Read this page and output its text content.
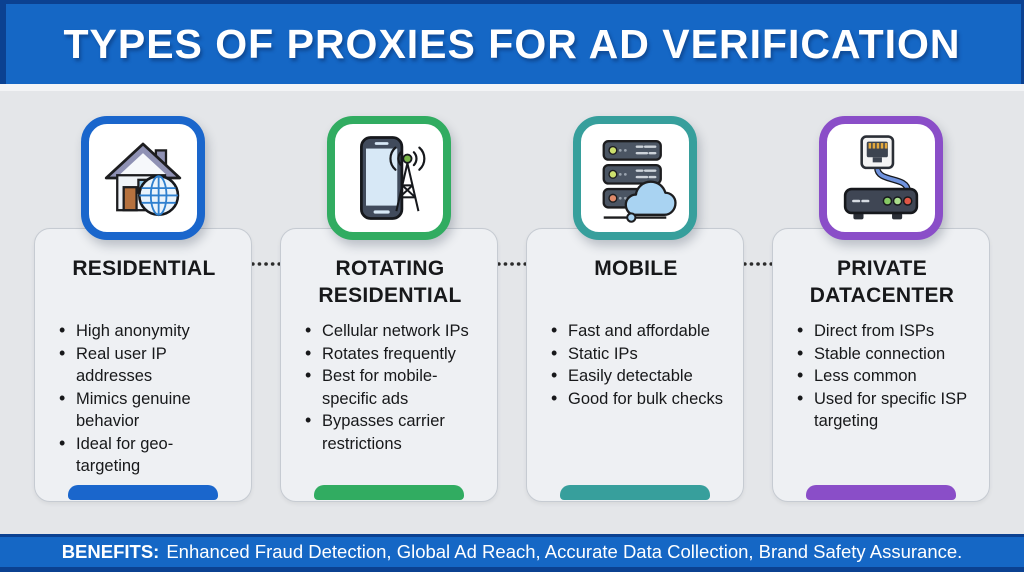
TYPES OF PROXIES FOR AD VERIFICATION
RESIDENTIAL
• High anonymity
• Real user IP addresses
• Mimics genuine behavior
• Ideal for geo-targeting
ROTATING RESIDENTIAL
• Cellular network IPs
• Rotates frequently
• Best for mobile-specific ads
• Bypasses carrier restrictions
MOBILE
• Fast and affordable
• Static IPs
• Easily detectable
• Good for bulk checks
PRIVATE DATACENTER
• Direct from ISPs
• Stable connection
• Less common
• Used for specific ISP targeting
BENEFITS: Enhanced Fraud Detection, Global Ad Reach, Accurate Data Collection, Brand Safety Assurance.
